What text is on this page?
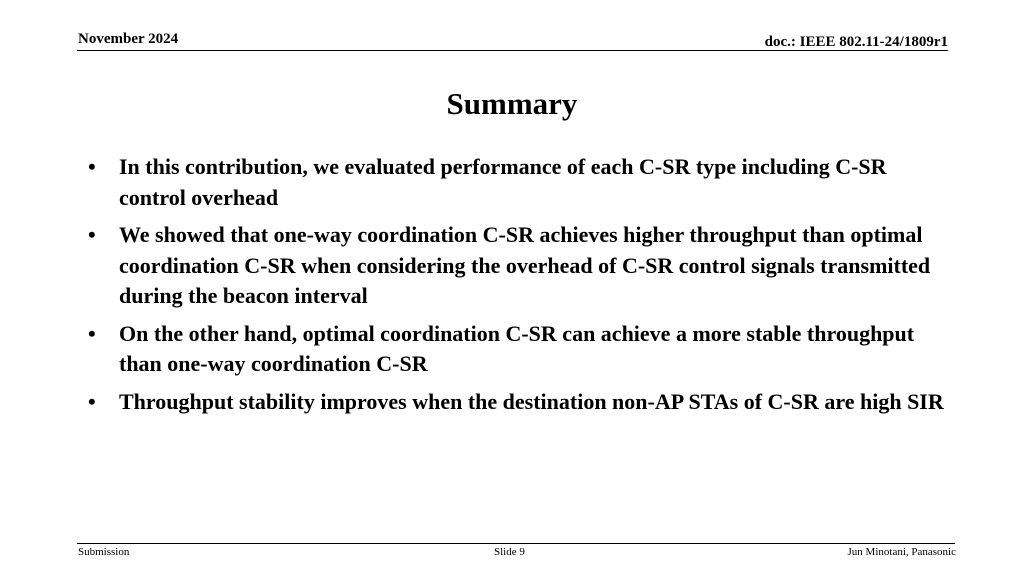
November 2024	doc.: IEEE 802.11-24/1809r1
Summary
• In this contribution, we evaluated performance of each C-SR type including C-SR control overhead
• We showed that one-way coordination C-SR achieves higher throughput than optimal coordination C-SR when considering the overhead of C-SR control signals transmitted during the beacon interval
• On the other hand, optimal coordination C-SR can achieve a more stable throughput than one-way coordination C-SR
• Throughput stability improves when the destination non-AP STAs of C-SR are high SIR
Submission	Slide 9	Jun Minotani, Panasonic
